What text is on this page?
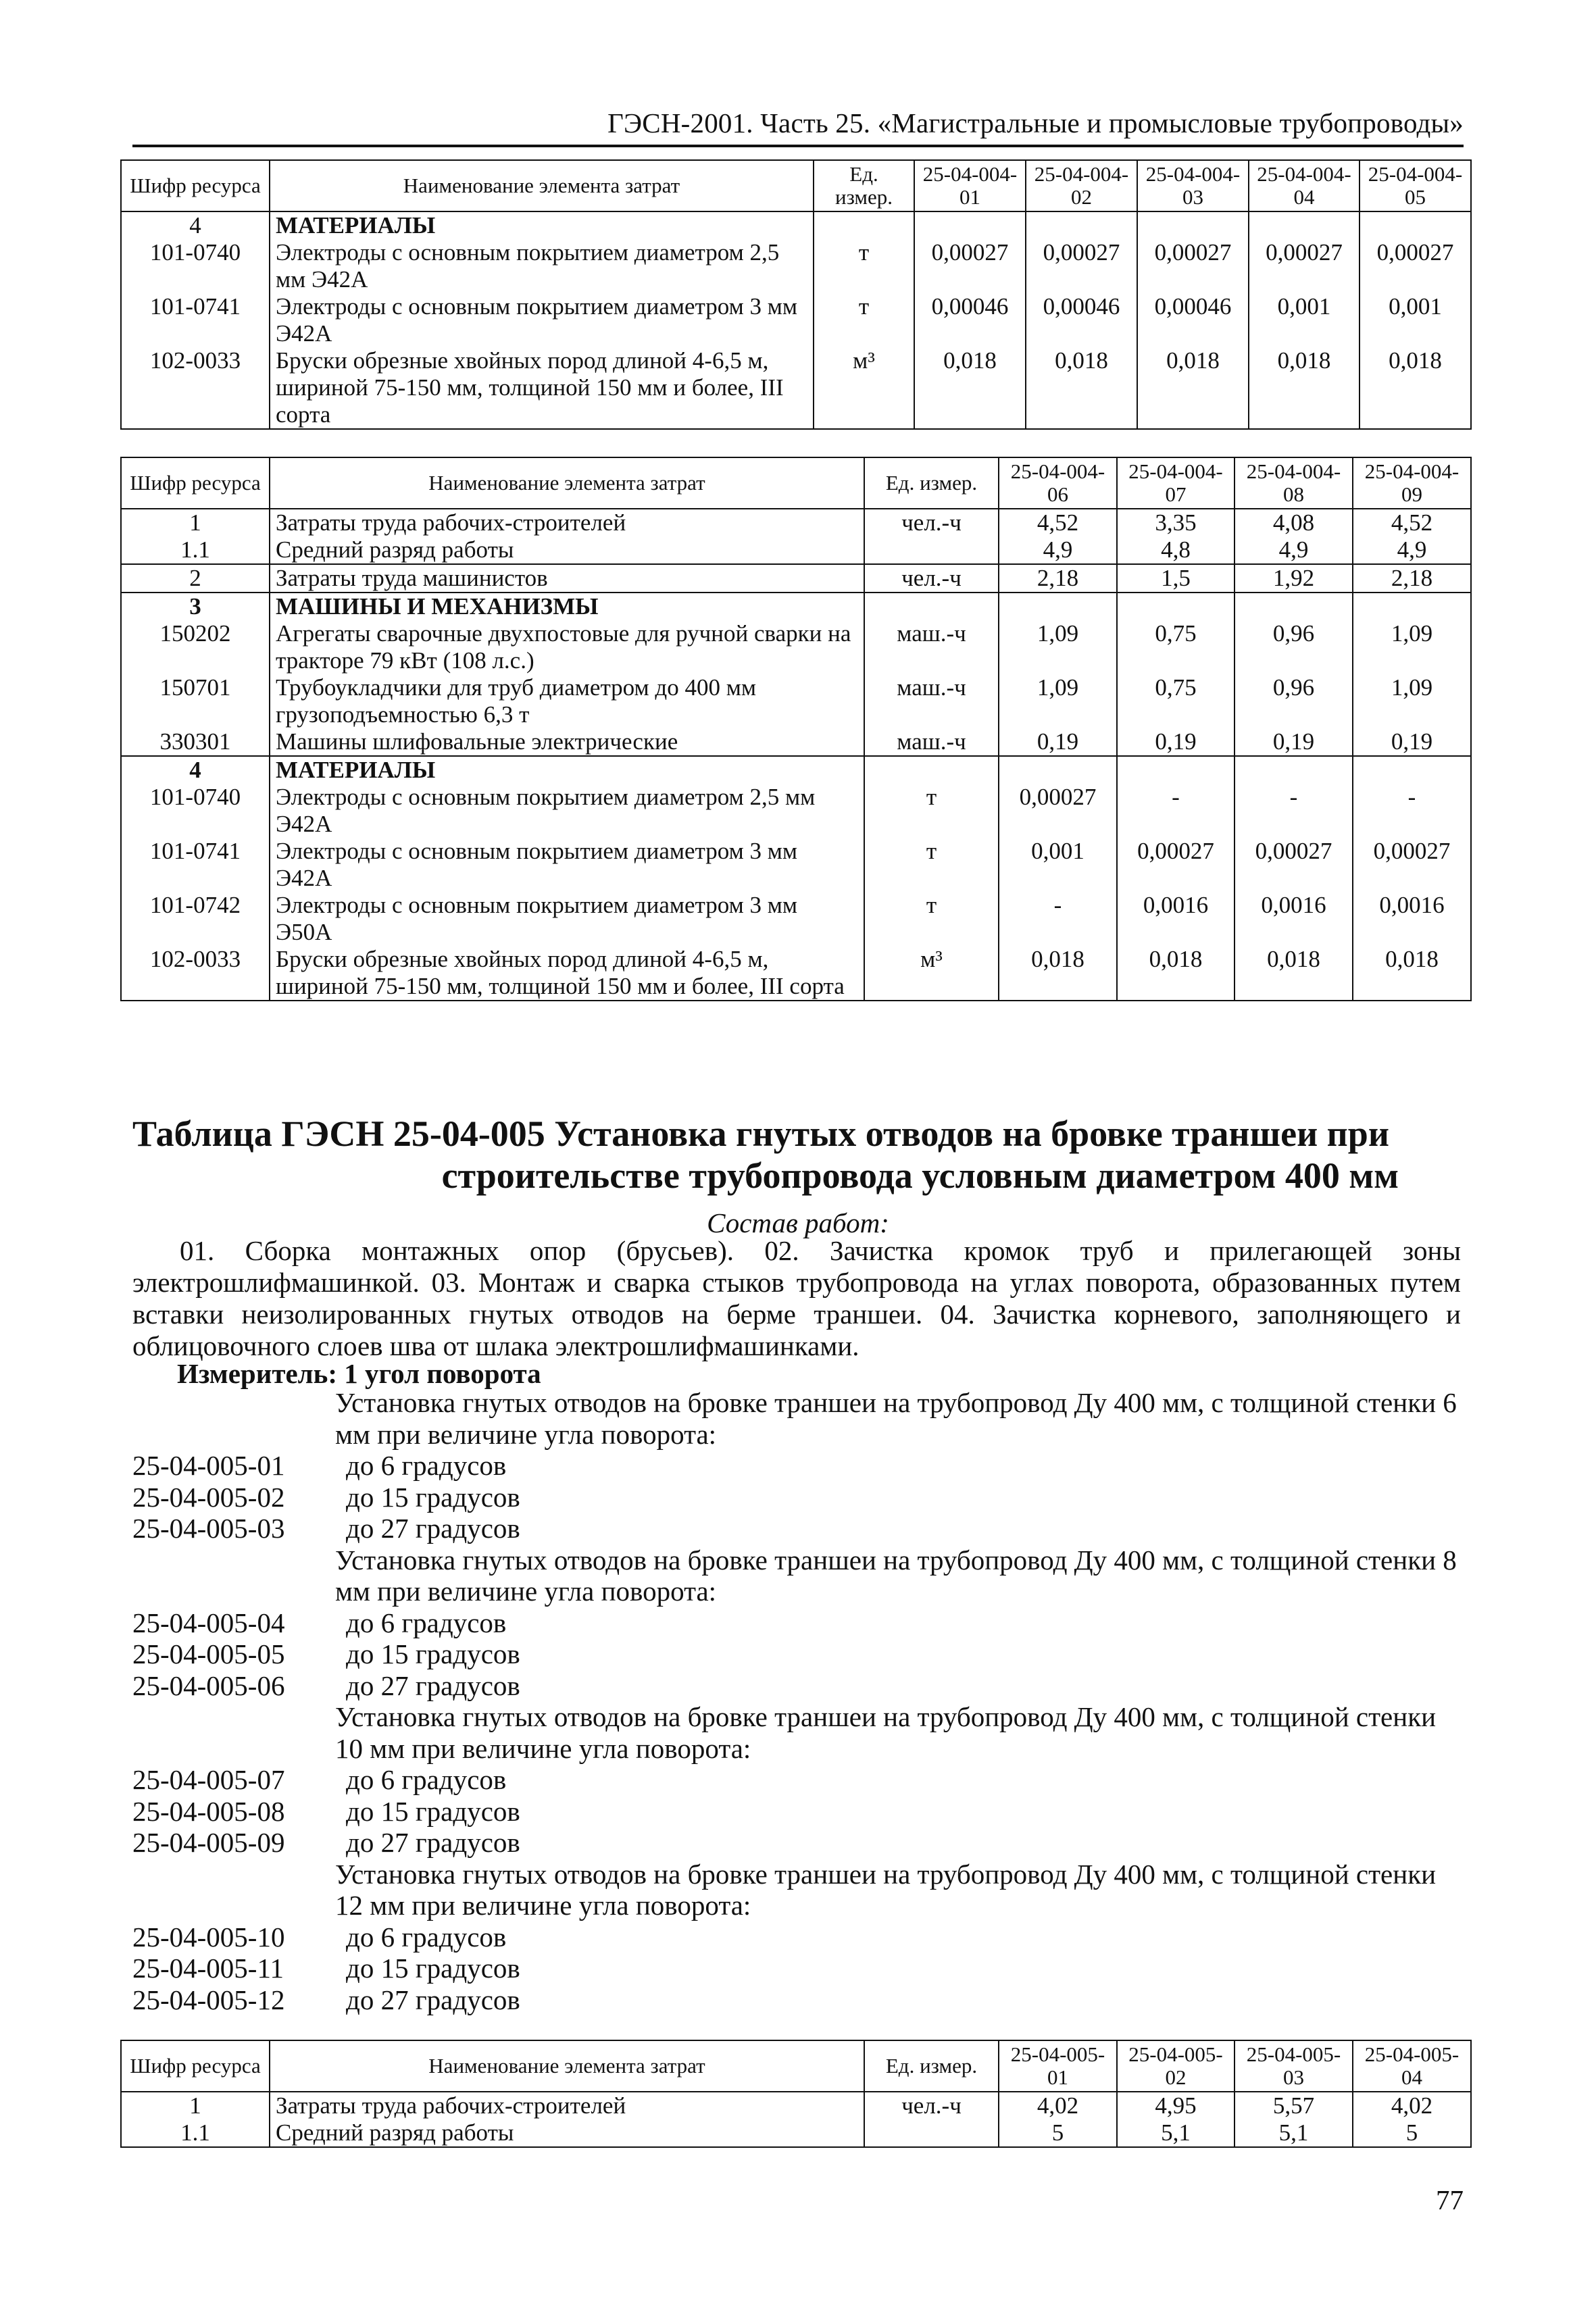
ГЭСН-2001. Часть 25. «Магистральные и промысловые трубопроводы»
Шифр ресурса	Наименование элемента затрат	Ед. измер.	25-04-004-01	25-04-004-02	25-04-004-03	25-04-004-04	25-04-004-05
4	МАТЕРИАЛЫ						
101-0740	Электроды с основным покрытием диаметром 2,5 мм Э42А	т	0,00027	0,00027	0,00027	0,00027	0,00027
101-0741	Электроды с основным покрытием диаметром 3 мм Э42А	т	0,00046	0,00046	0,00046	0,001	0,001
102-0033	Бруски обрезные хвойных пород длиной 4-6,5 м, шириной 75-150 мм, толщиной 150 мм и более, III сорта	м³	0,018	0,018	0,018	0,018	0,018
Шифр ресурса	Наименование элемента затрат	Ед. измер.	25-04-004-06	25-04-004-07	25-04-004-08	25-04-004-09
1	Затраты труда рабочих-строителей	чел.-ч	4,52	3,35	4,08	4,52
1.1	Средний разряд работы		4,9	4,8	4,9	4,9
2	Затраты труда машинистов	чел.-ч	2,18	1,5	1,92	2,18
3	МАШИНЫ И МЕХАНИЗМЫ					
150202	Агрегаты сварочные двухпостовые для ручной сварки на тракторе 79 кВт (108 л.с.)	маш.-ч	1,09	0,75	0,96	1,09
150701	Трубоукладчики для труб диаметром до 400 мм грузоподъемностью 6,3 т	маш.-ч	1,09	0,75	0,96	1,09
330301	Машины шлифовальные электрические	маш.-ч	0,19	0,19	0,19	0,19
4	МАТЕРИАЛЫ					
101-0740	Электроды с основным покрытием диаметром 2,5 мм Э42А	т	0,00027	-	-	-
101-0741	Электроды с основным покрытием диаметром 3 мм Э42А	т	0,001	0,00027	0,00027	0,00027
101-0742	Электроды с основным покрытием диаметром 3 мм Э50А	т	-	0,0016	0,0016	0,0016
102-0033	Бруски обрезные хвойных пород длиной 4-6,5 м, шириной 75-150 мм, толщиной 150 мм и более, III сорта	м³	0,018	0,018	0,018	0,018
Таблица ГЭСН 25-04-005 Установка гнутых отводов на бровке траншеи при
строительстве трубопровода условным диаметром 400 мм
Состав работ:
01. Сборка монтажных опор (брусьев). 02. Зачистка кромок труб и прилегающей зоны электрошлифмашинкой. 03. Монтаж и сварка стыков трубопровода на углах поворота, образованных путем вставки неизолированных гнутых отводов на берме траншеи. 04. Зачистка корневого, заполняющего и облицовочного слоев шва от шлака электрошлифмашинками.
Измеритель: 1 угол поворота
Установка гнутых отводов на бровке траншеи на трубопровод Ду 400 мм, с толщиной стенки 6 мм при величине угла поворота:
25-04-005-01	до 6 градусов
25-04-005-02	до 15 градусов
25-04-005-03	до 27 градусов
Установка гнутых отводов на бровке траншеи на трубопровод Ду 400 мм, с толщиной стенки 8 мм при величине угла поворота:
25-04-005-04	до 6 градусов
25-04-005-05	до 15 градусов
25-04-005-06	до 27 градусов
Установка гнутых отводов на бровке траншеи на трубопровод Ду 400 мм, с толщиной стенки 10 мм при величине угла поворота:
25-04-005-07	до 6 градусов
25-04-005-08	до 15 градусов
25-04-005-09	до 27 градусов
Установка гнутых отводов на бровке траншеи на трубопровод Ду 400 мм, с толщиной стенки 12 мм при величине угла поворота:
25-04-005-10	до 6 градусов
25-04-005-11	до 15 градусов
25-04-005-12	до 27 градусов
Шифр ресурса	Наименование элемента затрат	Ед. измер.	25-04-005-01	25-04-005-02	25-04-005-03	25-04-005-04
1	Затраты труда рабочих-строителей	чел.-ч	4,02	4,95	5,57	4,02
1.1	Средний разряд работы		5	5,1	5,1	5
77
